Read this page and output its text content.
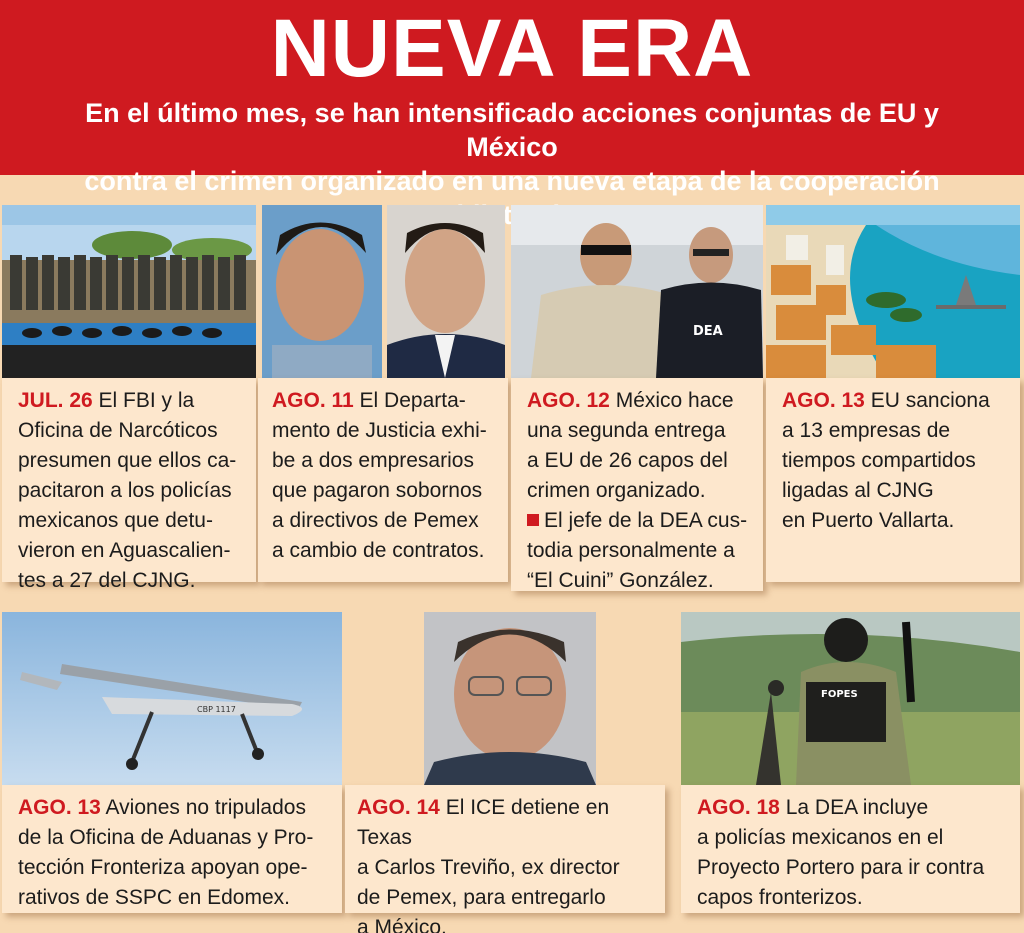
NUEVA ERA
En el último mes, se han intensificado acciones conjuntas de EU y México
contra el crimen organizado en una nueva etapa de la cooperación
DEA
JUL. 26 El FBI y la
Oficina de Narcóticos
presumen que ellos ca-
pacitaron a los policías
mexicanos que detu-
vieron en Aguascalien-
tes a 27 del CJNG.
AGO. 11 El Departa-
mento de Justicia exhi-
be a dos empresarios
que pagaron sobornos
a directivos de Pemex
a cambio de contratos.
AGO. 12 México hace
una segunda entrega
a EU de 26 capos del
crimen organizado.
El jefe de la DEA cus-
todia personalmente a
“El Cuini” González.
AGO. 13 EU sanciona
a 13 empresas de
tiempos compartidos
ligadas al CJNG
en Puerto Vallarta.
CBP 1117
FOPES
AGO. 13 Aviones no tripulados
de la Oficina de Aduanas y Pro-
tección Fronteriza apoyan ope-
rativos de SSPC en Edomex.
AGO. 14 El ICE detiene en Texas
a Carlos Treviño, ex director
de Pemex, para entregarlo
a México.
AGO. 18 La DEA incluye
a policías mexicanos en el
Proyecto Portero para ir contra
capos fronterizos.
